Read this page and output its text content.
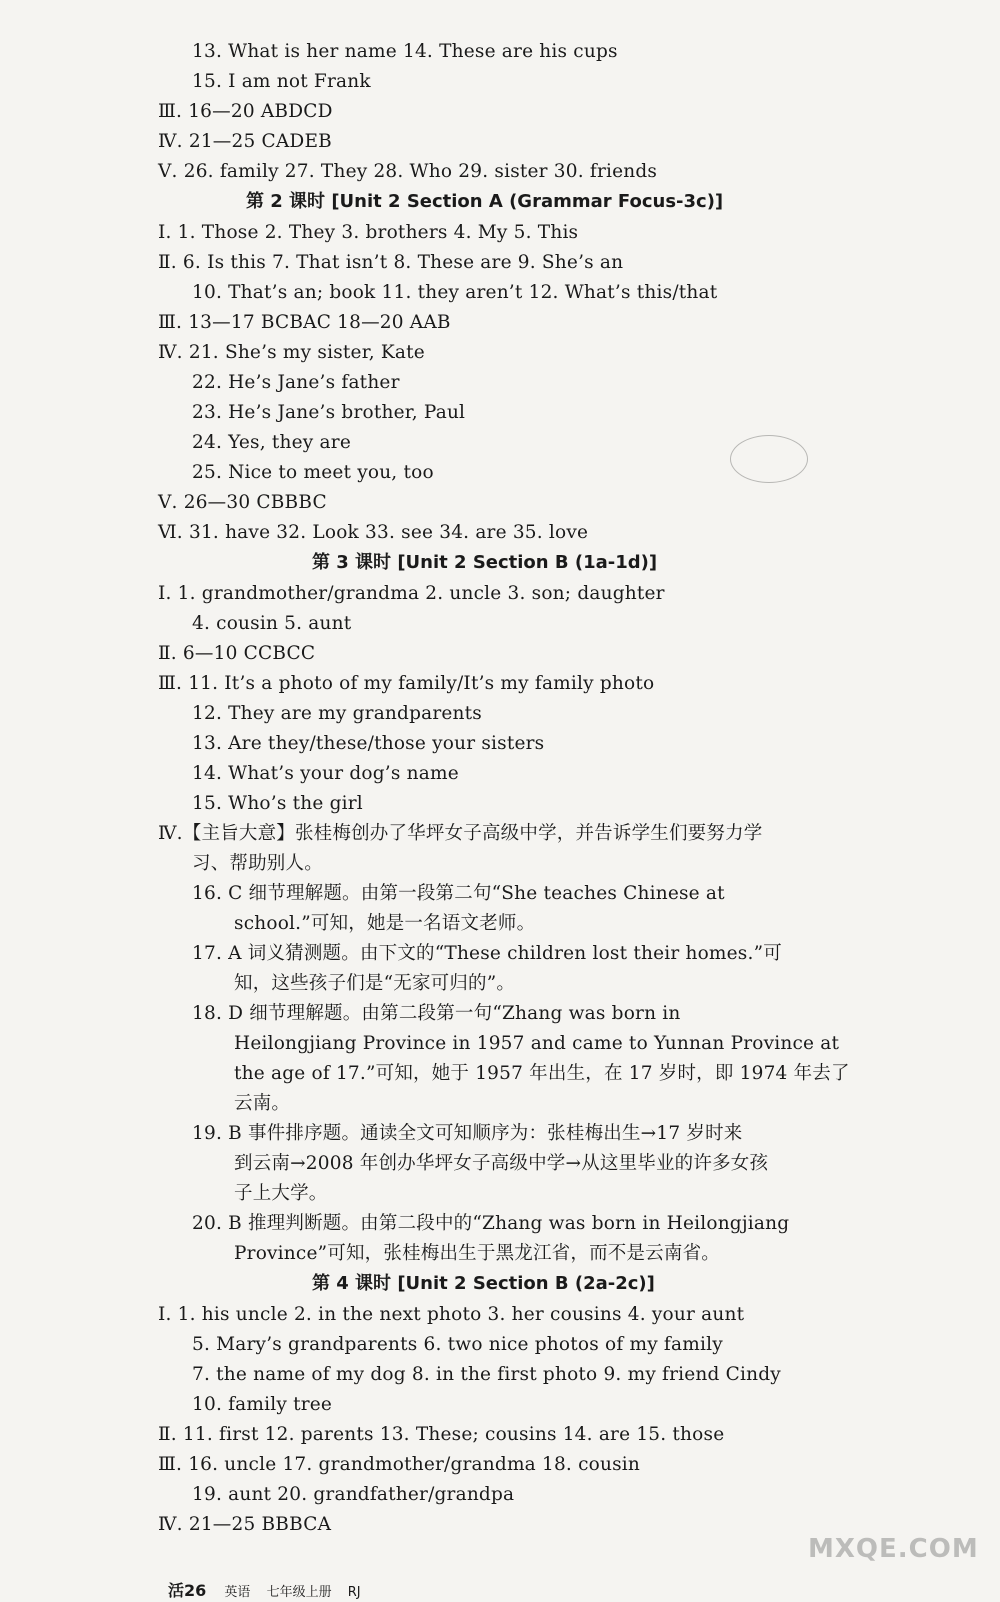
13. What is her name 14. These are his cups
15. I am not Frank
Ⅲ. 16—20 ABDCD
Ⅳ. 21—25 CADEB
Ⅴ. 26. family 27. They 28. Who 29. sister 30. friends
第 2 课时 [Unit 2 Section A (Grammar Focus-3c)]
Ⅰ. 1. Those 2. They 3. brothers 4. My 5. This
Ⅱ. 6. Is this 7. That isn’t 8. These are 9. She’s an
10. That’s an; book 11. they aren’t 12. What’s this/that
Ⅲ. 13—17 BCBAC 18—20 AAB
Ⅳ. 21. She’s my sister, Kate
22. He’s Jane’s father
23. He’s Jane’s brother, Paul
24. Yes, they are
25. Nice to meet you, too
Ⅴ. 26—30 CBBBC
Ⅵ. 31. have 32. Look 33. see 34. are 35. love
第 3 课时 [Unit 2 Section B (1a-1d)]
Ⅰ. 1. grandmother/grandma 2. uncle 3. son; daughter
4. cousin 5. aunt
Ⅱ. 6—10 CCBCC
Ⅲ. 11. It’s a photo of my family/It’s my family photo
12. They are my grandparents
13. Are they/these/those your sisters
14. What’s your dog’s name
15. Who’s the girl
Ⅳ.【主旨大意】张桂梅创办了华坪女子高级中学，并告诉学生们要努力学
习、帮助别人。
16. C 细节理解题。由第一段第二句“She teaches Chinese at
school.”可知，她是一名语文老师。
17. A 词义猜测题。由下文的“These children lost their homes.”可
知，这些孩子们是“无家可归的”。
18. D 细节理解题。由第二段第一句“Zhang was born in
Heilongjiang Province in 1957 and came to Yunnan Province at
the age of 17.”可知，她于 1957 年出生，在 17 岁时，即 1974 年去了
云南。
19. B 事件排序题。通读全文可知顺序为：张桂梅出生→17 岁时来
到云南→2008 年创办华坪女子高级中学→从这里毕业的许多女孩
子上大学。
20. B 推理判断题。由第二段中的“Zhang was born in Heilongjiang
Province”可知，张桂梅出生于黑龙江省，而不是云南省。
第 4 课时 [Unit 2 Section B (2a-2c)]
Ⅰ. 1. his uncle 2. in the next photo 3. her cousins 4. your aunt
5. Mary’s grandparents 6. two nice photos of my family
7. the name of my dog 8. in the first photo 9. my friend Cindy
10. family tree
Ⅱ. 11. first 12. parents 13. These; cousins 14. are 15. those
Ⅲ. 16. uncle 17. grandmother/grandma 18. cousin
19. aunt 20. grandfather/grandpa
Ⅳ. 21—25 BBBCA
活26 英语 七年级上册 RJ
MXQE.COM
